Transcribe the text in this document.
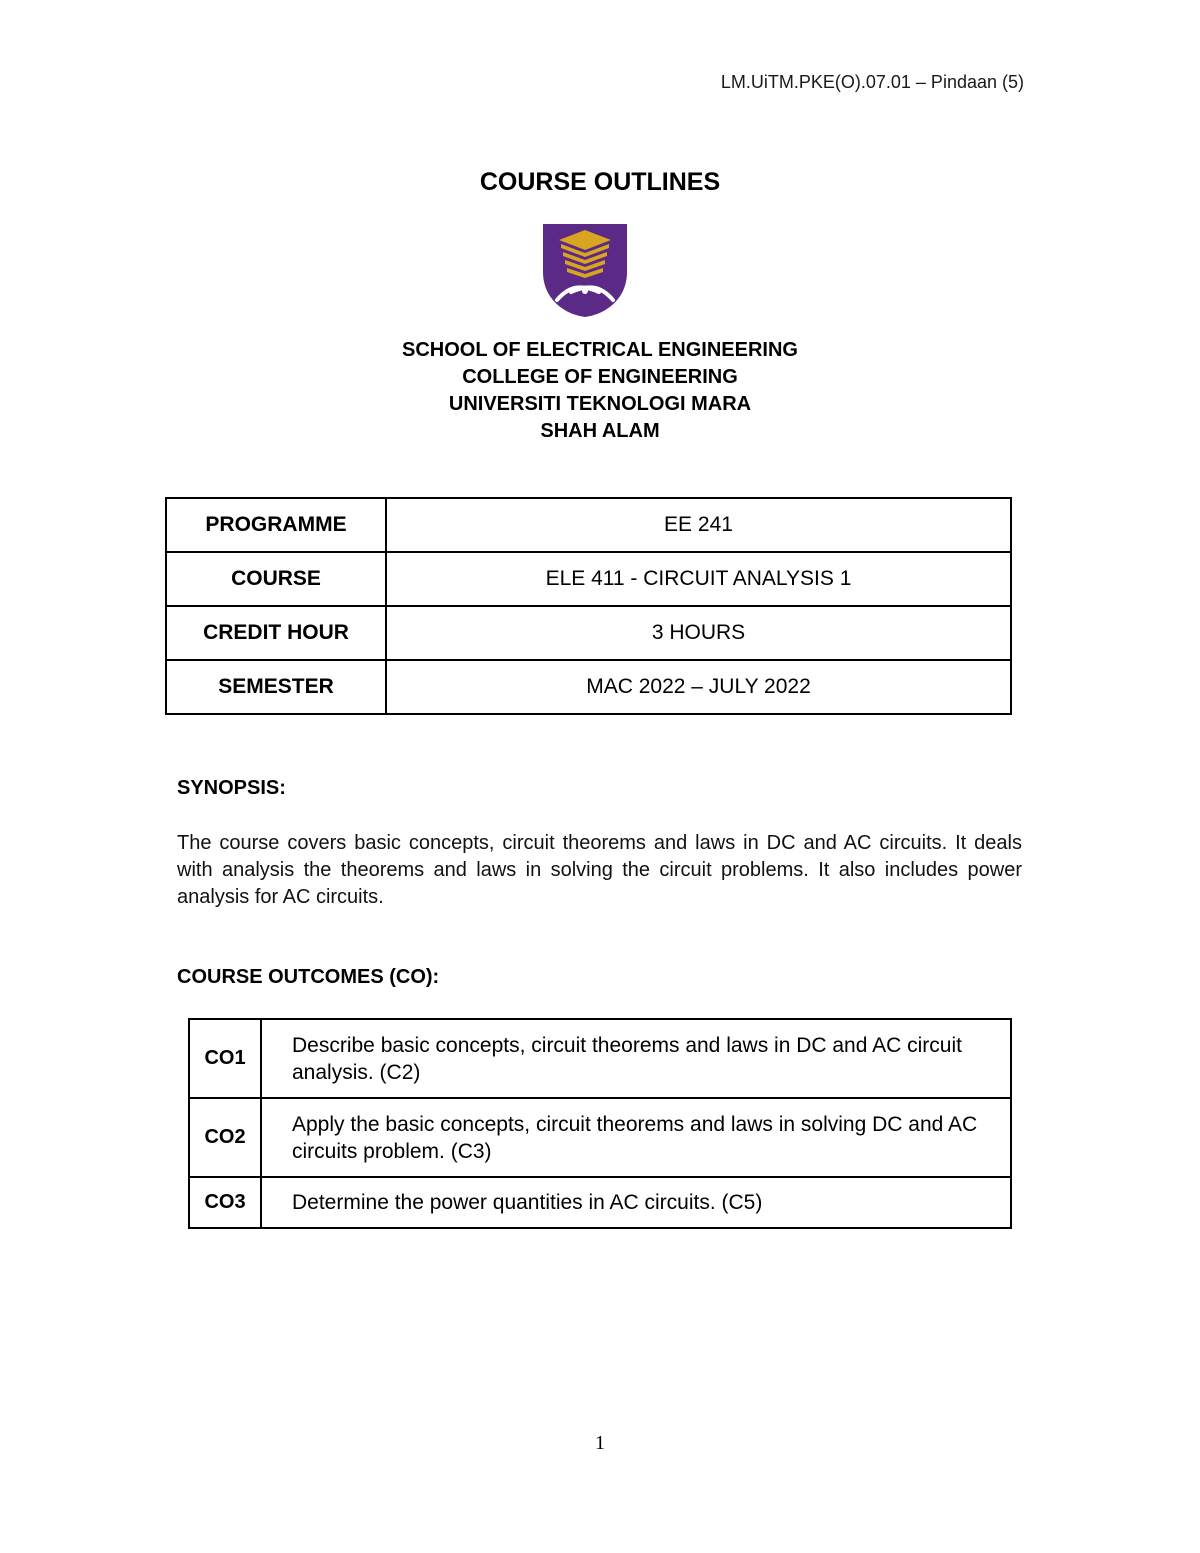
LM.UiTM.PKE(O).07.01 – Pindaan (5)
COURSE OUTLINES
SCHOOL OF ELECTRICAL ENGINEERING
COLLEGE OF ENGINEERING
UNIVERSITI TEKNOLOGI MARA
SHAH ALAM
PROGRAMME	EE 241
COURSE	ELE 411 - CIRCUIT ANALYSIS 1
CREDIT HOUR	3 HOURS
SEMESTER	MAC 2022 – JULY 2022
SYNOPSIS:
The course covers basic concepts, circuit theorems and laws in DC and AC circuits. It deals with analysis the theorems and laws in solving the circuit problems. It also includes power analysis for AC circuits.
COURSE OUTCOMES (CO):
CO1	Describe basic concepts, circuit theorems and laws in DC and AC circuit analysis. (C2)
CO2	Apply the basic concepts, circuit theorems and laws in solving DC and AC circuits problem. (C3)
CO3	Determine the power quantities in AC circuits. (C5)
1
